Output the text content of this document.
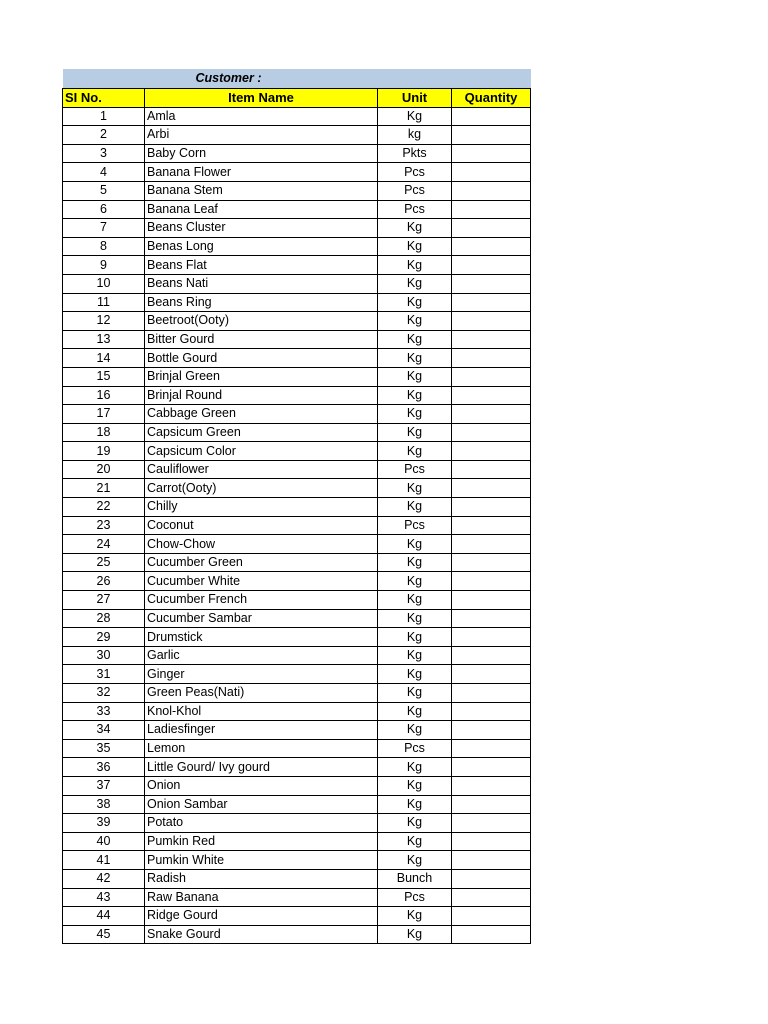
Customer :			
SI No.	Item Name	Unit	Quantity
1	Amla	Kg	
2	Arbi	kg	
3	Baby Corn	Pkts	
4	Banana Flower	Pcs	
5	Banana Stem	Pcs	
6	Banana Leaf	Pcs	
7	Beans Cluster	Kg	
8	Benas Long	Kg	
9	Beans Flat	Kg	
10	Beans Nati	Kg	
11	Beans Ring	Kg	
12	Beetroot(Ooty)	Kg	
13	Bitter Gourd	Kg	
14	Bottle Gourd	Kg	
15	Brinjal Green	Kg	
16	Brinjal Round	Kg	
17	Cabbage Green	Kg	
18	Capsicum Green	Kg	
19	Capsicum Color	Kg	
20	Cauliflower	Pcs	
21	Carrot(Ooty)	Kg	
22	Chilly	Kg	
23	Coconut	Pcs	
24	Chow-Chow	Kg	
25	Cucumber Green	Kg	
26	Cucumber White	Kg	
27	Cucumber French	Kg	
28	Cucumber Sambar	Kg	
29	Drumstick	Kg	
30	Garlic	Kg	
31	Ginger	Kg	
32	Green Peas(Nati)	Kg	
33	Knol-Khol	Kg	
34	Ladiesfinger	Kg	
35	Lemon	Pcs	
36	Little Gourd/ Ivy gourd	Kg	
37	Onion	Kg	
38	Onion Sambar	Kg	
39	Potato	Kg	
40	Pumkin Red	Kg	
41	Pumkin White	Kg	
42	Radish	Bunch	
43	Raw Banana	Pcs	
44	Ridge Gourd	Kg	
45	Snake Gourd	Kg	
